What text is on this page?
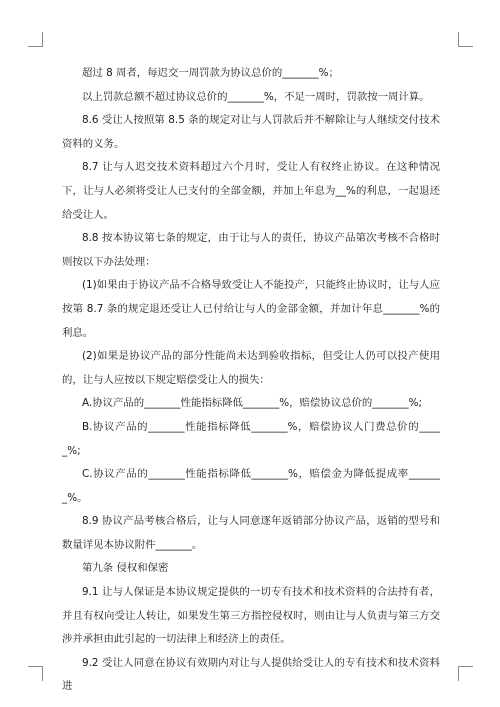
超过 8 周者，每迟交一周罚款为协议总价的_______%；

以上罚款总额不超过协议总价的_______%，不足一周时，罚款按一周计算。

8.6 受让人按照第 8.5 条的规定对让与人罚款后并不解除让与人继续交付技术资料的义务。

8.7 让与人迟交技术资料超过六个月时，受让人有权终止协议。在这种情况下，让与人必须将受让人已支付的全部金额，并加上年息为__%的利息，一起退还给受让人。

8.8 按本协议第七条的规定，由于让与人的责任，协议产品第次考核不合格时则按以下办法处理：

(1)如果由于协议产品不合格导致受让人不能投产，只能终止协议时，让与人应按第 8.7 条的规定退还受让人已付给让与人的金部金额，并加计年息_______%的利息。

(2)如果是协议产品的部分性能尚未达到验收指标，但受让人仍可以投产使用的，让与人应按以下规定赔偿受让人的损失：

A.协议产品的_______性能指标降低_______%，赔偿协议总价的_______%;

B.协议产品的_______性能指标降低_______%，赔偿协议人门费总价的_____%;

C.协议产品的_______性能指标降低_______%，赔偿金为降低提成率_______%。

8.9 协议产品考核合格后，让与人同意逐年返销部分协议产品，返销的型号和数量详见本协议附件_______。

第九条 侵权和保密

9.1 让与人保证是本协议规定提供的一切专有技术和技术资料的合法持有者，并且有权向受让人转让，如果发生第三方指控侵权时，则由让与人负责与第三方交涉并承担由此引起的一切法律上和经济上的责任。

9.2 受让人同意在协议有效期内对让与人提供给受让人的专有技术和技术资料进
